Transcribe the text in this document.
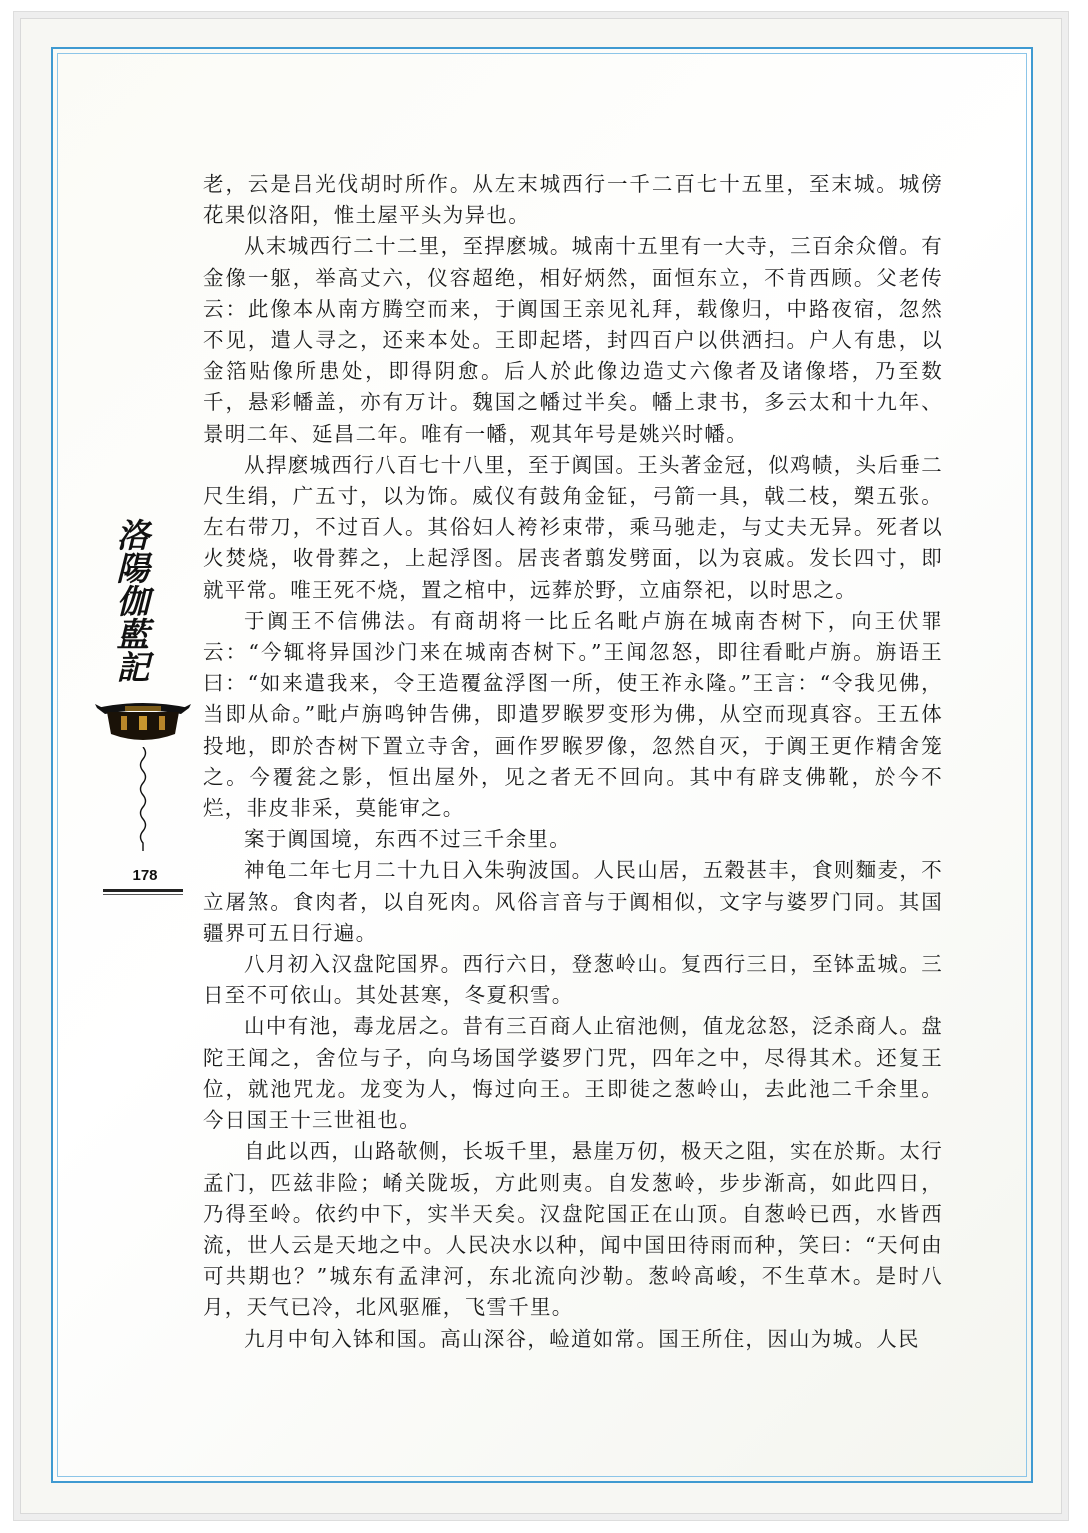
洛
陽
伽
藍
記
178

老，云是吕光伐胡时所作。从左末城西行一千二百七十五里，至末城。城傍花果似洛阳，惟土屋平头为异也。

从末城西行二十二里，至捍麽城。城南十五里有一大寺，三百余众僧。有金像一躯，举高丈六，仪容超绝，相好炳然，面恒东立，不肯西顾。父老传云：此像本从南方腾空而来，于阗国王亲见礼拜，载像归，中路夜宿，忽然不见，遣人寻之，还来本处。王即起塔，封四百户以供洒扫。户人有患，以金箔贴像所患处，即得阴愈。后人於此像边造丈六像者及诸像塔，乃至数千，悬彩幡盖，亦有万计。魏国之幡过半矣。幡上隶书，多云太和十九年、景明二年、延昌二年。唯有一幡，观其年号是姚兴时幡。

从捍麽城西行八百七十八里，至于阗国。王头著金冠，似鸡帻，头后垂二尺生绢，广五寸，以为饰。威仪有鼓角金钲，弓箭一具，戟二枝，槊五张。左右带刀，不过百人。其俗妇人袴衫束带，乘马驰走，与丈夫无异。死者以火焚烧，收骨葬之，上起浮图。居丧者翦发劈面，以为哀戚。发长四寸，即就平常。唯王死不烧，置之棺中，远葬於野，立庙祭祀，以时思之。

于阗王不信佛法。有商胡将一比丘名毗卢旃在城南杏树下，向王伏罪云：“今辄将异国沙门来在城南杏树下。”王闻忽怒，即往看毗卢旃。旃语王曰：“如来遣我来，令王造覆盆浮图一所，使王祚永隆。”王言：“令我见佛，当即从命。”毗卢旃鸣钟告佛，即遣罗睺罗变形为佛，从空而现真容。王五体投地，即於杏树下置立寺舍，画作罗睺罗像，忽然自灭，于阗王更作精舍笼之。今覆瓫之影，恒出屋外，见之者无不回向。其中有辟支佛靴，於今不烂，非皮非采，莫能审之。

案于阗国境，东西不过三千余里。

神龟二年七月二十九日入朱驹波国。人民山居，五穀甚丰，食则麵麦，不立屠煞。食肉者，以自死肉。风俗言音与于阗相似，文字与婆罗门同。其国疆界可五日行遍。

八月初入汉盘陀国界。西行六日，登葱岭山。复西行三日，至钵盂城。三日至不可依山。其处甚寒，冬夏积雪。

山中有池，毒龙居之。昔有三百商人止宿池侧，值龙忿怒，泛杀商人。盘陀王闻之，舍位与子，向乌场国学婆罗门咒，四年之中，尽得其术。还复王位，就池咒龙。龙变为人，悔过向王。王即徙之葱岭山，去此池二千余里。今日国王十三世祖也。

自此以西，山路欹侧，长坂千里，悬崖万仞，极天之阻，实在於斯。太行孟门，匹兹非险；崤关陇坂，方此则夷。自发葱岭，步步渐高，如此四日，乃得至岭。依约中下，实半天矣。汉盘陀国正在山顶。自葱岭已西，水皆西流，世人云是天地之中。人民决水以种，闻中国田待雨而种，笑曰：“天何由可共期也？”城东有孟津河，东北流向沙勒。葱岭高峻，不生草木。是时八月，天气已冷，北风驱雁，飞雪千里。

九月中旬入钵和国。高山深谷，崄道如常。国王所住，因山为城。人民
